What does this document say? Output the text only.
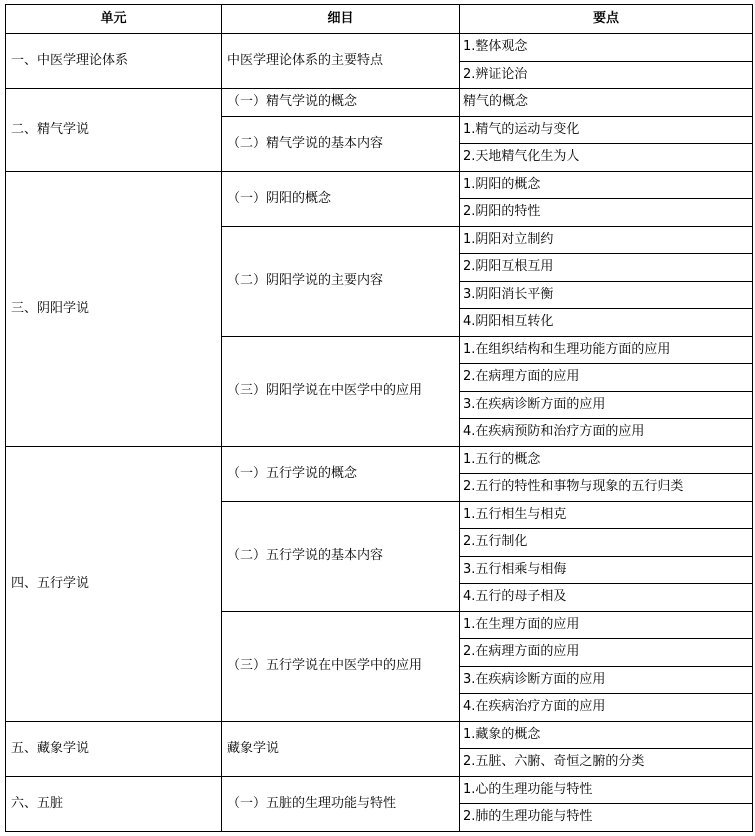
单元	细目	要点
一、中医学理论体系	中医学理论体系的主要特点	1.整体观念
		2.辨证论治
二、精气学说	（一）精气学说的概念	精气的概念
	（二）精气学说的基本内容	1.精气的运动与变化
		2.天地精气化生为人
三、阴阳学说	（一）阴阳的概念	1.阴阳的概念
		2.阴阳的特性
	（二）阴阳学说的主要内容	1.阴阳对立制约
		2.阴阳互根互用
		3.阴阳消长平衡
		4.阴阳相互转化
	（三）阴阳学说在中医学中的应用	1.在组织结构和生理功能方面的应用
		2.在病理方面的应用
		3.在疾病诊断方面的应用
		4.在疾病预防和治疗方面的应用
四、五行学说	（一）五行学说的概念	1.五行的概念
		2.五行的特性和事物与现象的五行归类
	（二）五行学说的基本内容	1.五行相生与相克
		2.五行制化
		3.五行相乘与相侮
		4.五行的母子相及
	（三）五行学说在中医学中的应用	1.在生理方面的应用
		2.在病理方面的应用
		3.在疾病诊断方面的应用
		4.在疾病治疗方面的应用
五、藏象学说	藏象学说	1.藏象的概念
		2.五脏、六腑、奇恒之腑的分类
六、五脏	（一）五脏的生理功能与特性	1.心的生理功能与特性
		2.肺的生理功能与特性
